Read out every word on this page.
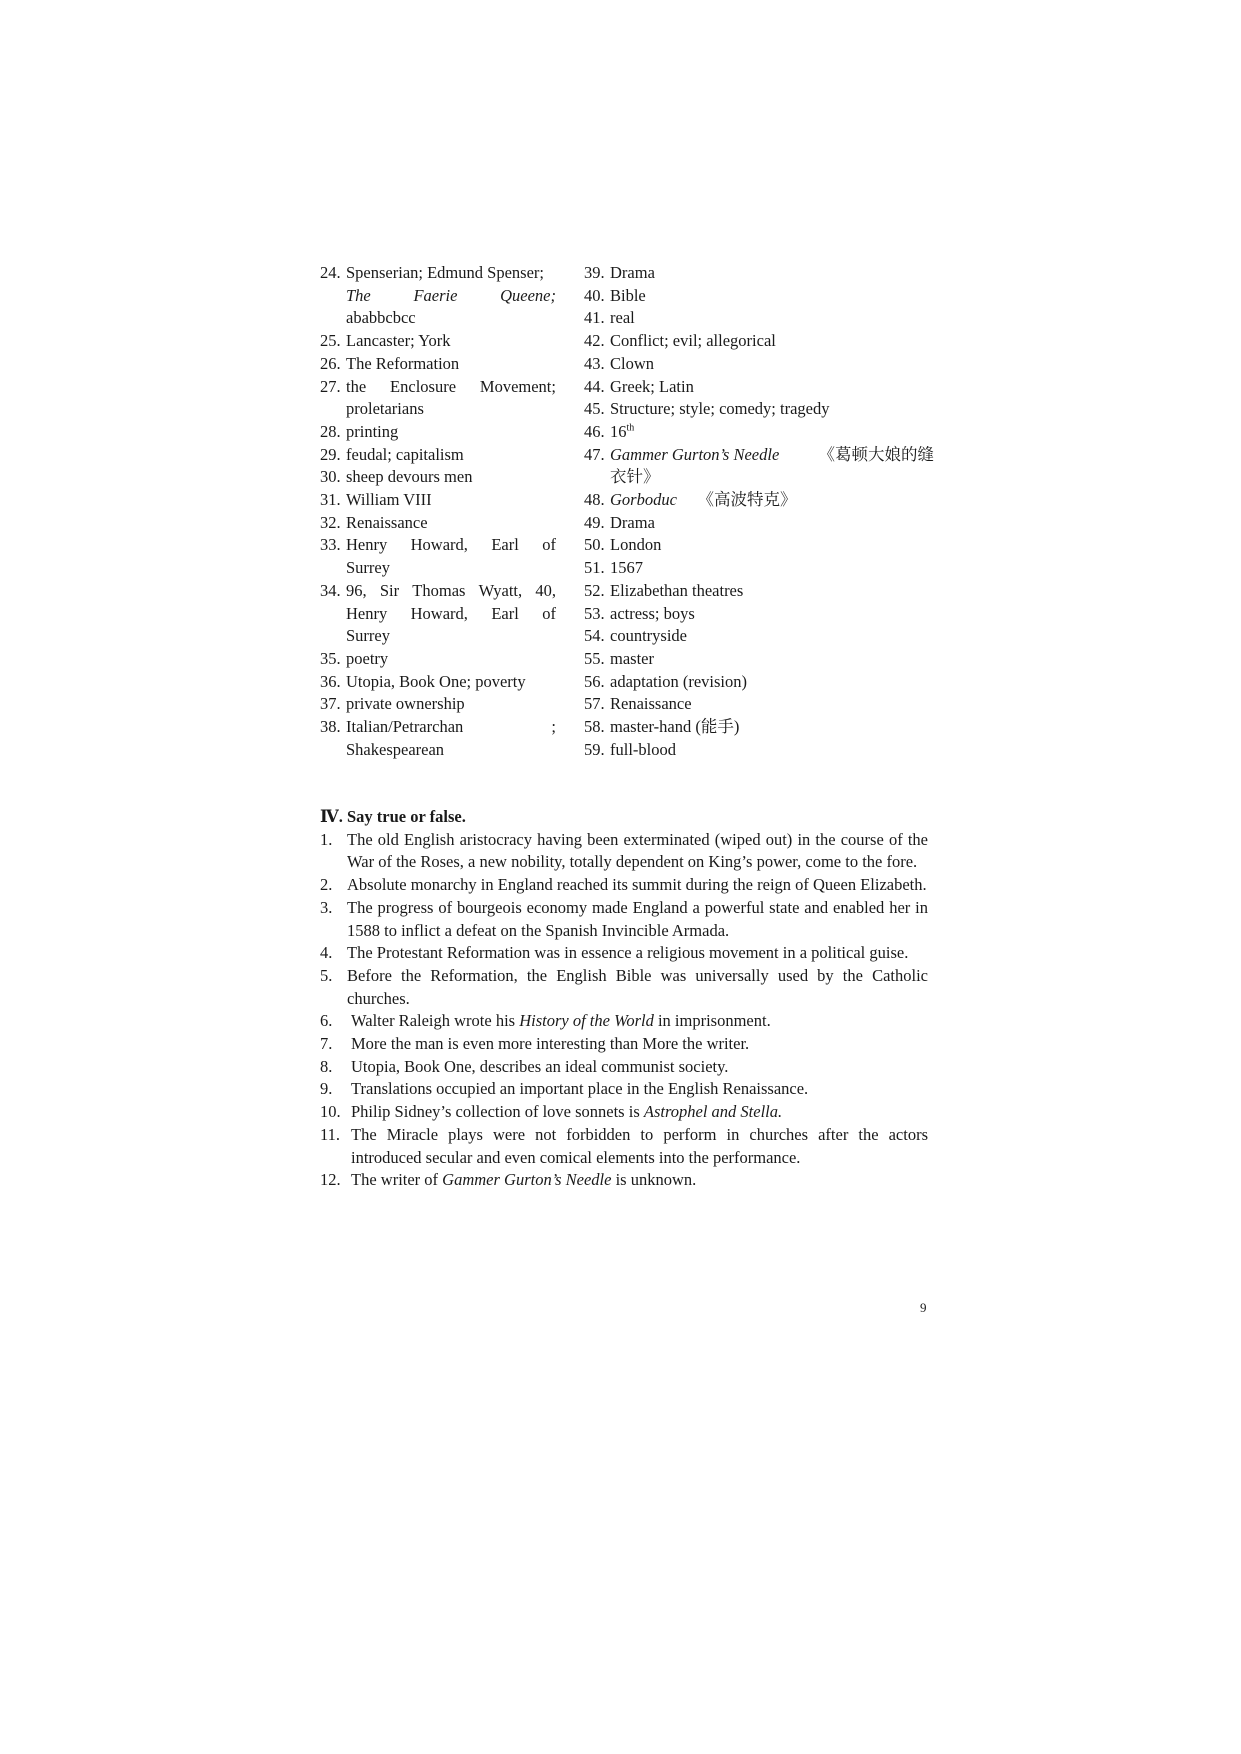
24. Spenserian; Edmund Spenser;
The	Faerie	Queene;
ababbcbcc
25. Lancaster; York
26. The Reformation
27. the Enclosure Movement;
proletarians
28. printing
29. feudal; capitalism
30. sheep devours men
31. William VIII
32. Renaissance
33. Henry Howard, Earl of
Surrey
34. 96, Sir Thomas Wyatt, 40,
Henry Howard, Earl of
Surrey
35. poetry
36. Utopia, Book One; poverty
37. private ownership
38. Italian/Petrarchan	;
Shakespearean
39. Drama
40. Bible
41. real
42. Conflict; evil; allegorical
43. Clown
44. Greek; Latin
45. Structure; style; comedy; tragedy
46. 16th
47. Gammer Gurton’s Needle 《葛顿大娘的缝
衣针》
48. Gorboduc 《高波特克》
49. Drama
50. London
51. 1567
52. Elizabethan theatres
53. actress; boys
54. countryside
55. master
56. adaptation (revision)
57. Renaissance
58. master-hand (能手)
59. full-blood
Ⅳ. Say true or false.
1. The old English aristocracy having been exterminated (wiped out) in the course of the War of the Roses, a new nobility, totally dependent on King’s power, come to the fore.
2. Absolute monarchy in England reached its summit during the reign of Queen Elizabeth.
3. The progress of bourgeois economy made England a powerful state and enabled her in 1588 to inflict a defeat on the Spanish Invincible Armada.
4. The Protestant Reformation was in essence a religious movement in a political guise.
5. Before the Reformation, the English Bible was universally used by the Catholic churches.
6. Walter Raleigh wrote his History of the World in imprisonment.
7. More the man is even more interesting than More the writer.
8. Utopia, Book One, describes an ideal communist society.
9. Translations occupied an important place in the English Renaissance.
10. Philip Sidney’s collection of love sonnets is Astrophel and Stella.
11. The Miracle plays were not forbidden to perform in churches after the actors introduced secular and even comical elements into the performance.
12. The writer of Gammer Gurton’s Needle is unknown.
9
